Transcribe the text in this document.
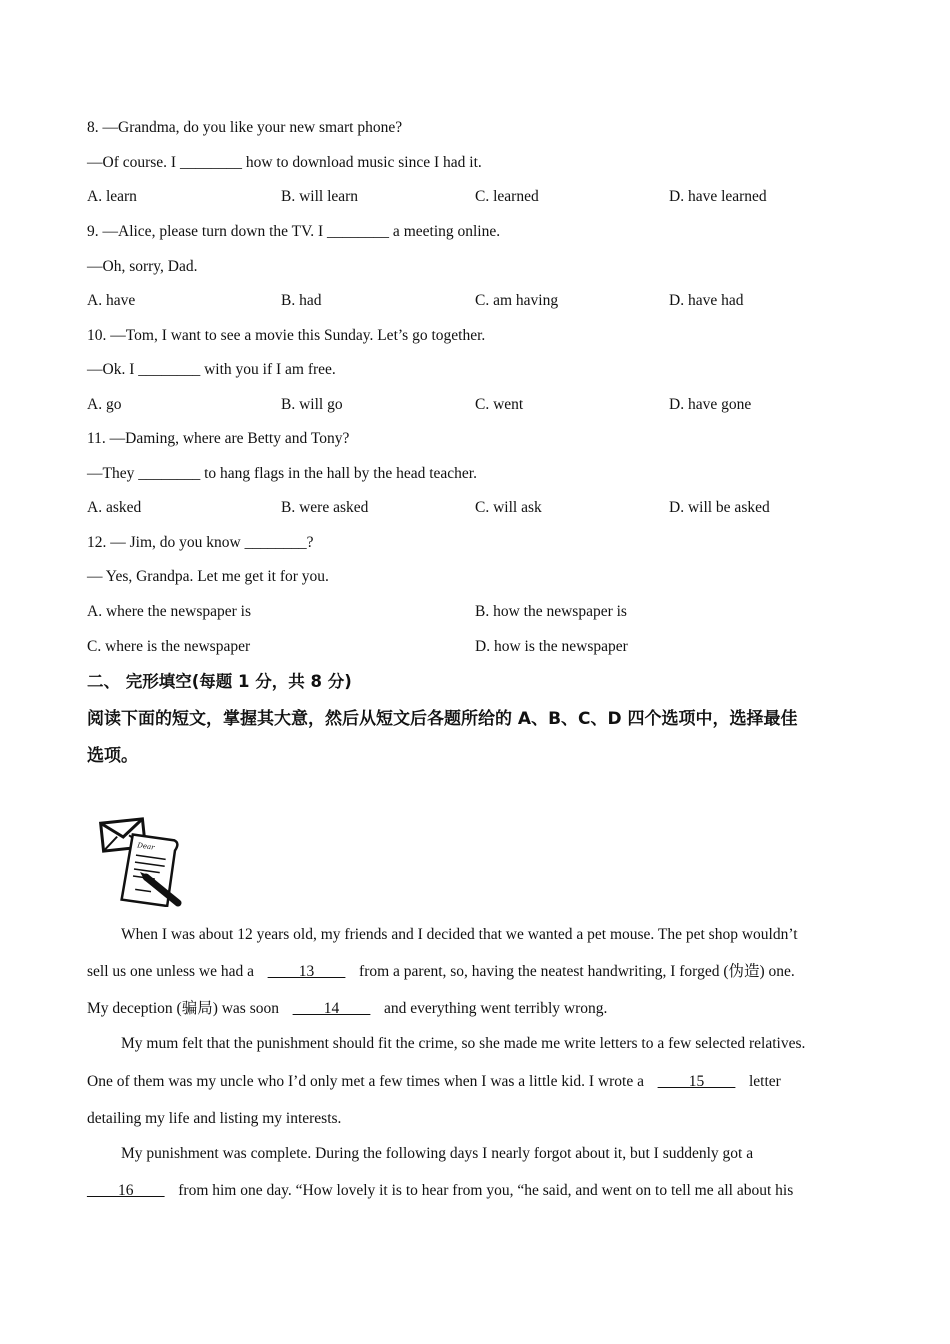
8. —Grandma, do you like your new smart phone?
—Of course. I ________ how to download music since I had it.
A. learn	B. will learn	C. learned	D. have learned
9. —Alice, please turn down the TV. I ________ a meeting online.
—Oh, sorry, Dad.
A. have	B. had	C. am having	D. have had
10. —Tom, I want to see a movie this Sunday. Let’s go together.
—Ok. I ________ with you if I am free.
A. go	B. will go	C. went	D. have gone
11. —Daming, where are Betty and Tony?
—They ________ to hang flags in the hall by the head teacher.
A. asked	B. were asked	C. will ask	D. will be asked
12. — Jim, do you know ________?
— Yes, Grandpa. Let me get it for you.
A. where the newspaper is	B. how the newspaper is
C. where is the newspaper	D. how is the newspaper
二、 完形填空(每题 1 分，共 8 分)
阅读下面的短文，掌握其大意，然后从短文后各题所给的 A、B、C、D 四个选项中，选择最佳
选项。
Dear
When I was about 12 years old, my friends and I decided that we wanted a pet mouse. The pet shop wouldn’t
sell us one unless we had a ____13____ from a parent, so, having the neatest handwriting, I forged (伪造) one.
My deception (骗局) was soon ____14____ and everything went terribly wrong.
My mum felt that the punishment should fit the crime, so she made me write letters to a few selected relatives.
One of them was my uncle who I’d only met a few times when I was a little kid. I wrote a ____15____ letter
detailing my life and listing my interests.
My punishment was complete. During the following days I nearly forgot about it, but I suddenly got a
____16____ from him one day. “How lovely it is to hear from you, “he said, and went on to tell me all about his
